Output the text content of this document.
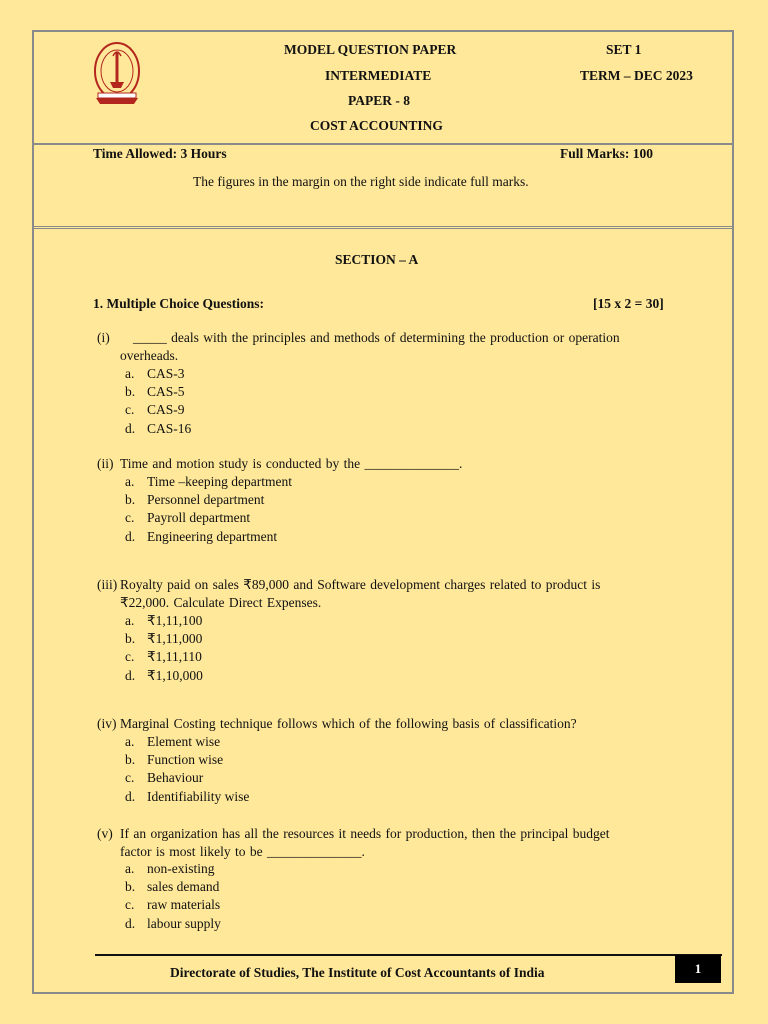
MODEL QUESTION PAPER	SET 1
INTERMEDIATE	TERM – DEC 2023
PAPER - 8
COST ACCOUNTING
Time Allowed: 3 Hours	Full Marks: 100
The figures in the margin on the right side indicate full marks.
SECTION – A
1. Multiple Choice Questions:	[15 x 2 = 30]
(i) _____ deals with the principles and methods of determining the production or operation
overheads.
a. CAS-3
b. CAS-5
c. CAS-9
d. CAS-16
(ii) Time and motion study is conducted by the ______________.
a. Time –keeping department
b. Personnel department
c. Payroll department
d. Engineering department
(iii) Royalty paid on sales ₹89,000 and Software development charges related to product is
₹22,000. Calculate Direct Expenses.
a. ₹1,11,100
b. ₹1,11,000
c. ₹1,11,110
d. ₹1,10,000
(iv) Marginal Costing technique follows which of the following basis of classification?
a. Element wise
b. Function wise
c. Behaviour
d. Identifiability wise
(v) If an organization has all the resources it needs for production, then the principal budget
factor is most likely to be ______________.
a. non-existing
b. sales demand
c. raw materials
d. labour supply
Directorate of Studies, The Institute of Cost Accountants of India	1
